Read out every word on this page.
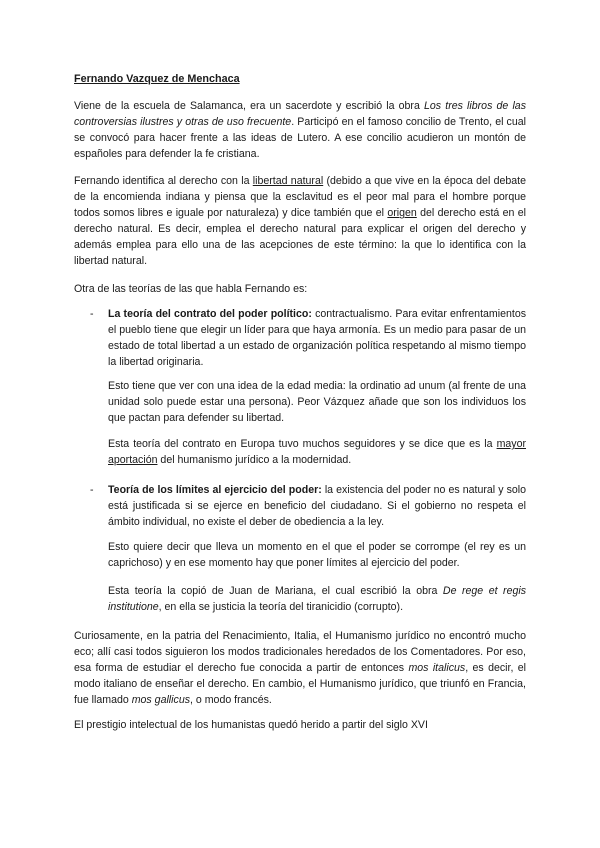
Fernando Vazquez de Menchaca

Viene de la escuela de Salamanca, era un sacerdote y escribió la obra Los tres libros de las controversias ilustres y otras de uso frecuente. Participó en el famoso concilio de Trento, el cual se convocó para hacer frente a las ideas de Lutero. A ese concilio acudieron un montón de españoles para defender la fe cristiana.

Fernando identifica al derecho con la libertad natural (debido a que vive en la época del debate de la encomienda indiana y piensa que la esclavitud es el peor mal para el hombre porque todos somos libres e iguale por naturaleza) y dice también que el origen del derecho está en el derecho natural. Es decir, emplea el derecho natural para explicar el origen del derecho y además emplea para ello una de las acepciones de este término: la que lo identifica con la libertad natural.

Otra de las teorías de las que habla Fernando es:

- La teoría del contrato del poder político: contractualismo. Para evitar enfrentamientos el pueblo tiene que elegir un líder para que haya armonía. Es un medio para pasar de un estado de total libertad a un estado de organización política respetando al mismo tiempo la libertad originaria.

Esto tiene que ver con una idea de la edad media: la ordinatio ad unum (al frente de una unidad solo puede estar una persona). Peor Vázquez añade que son los individuos los que pactan para defender su libertad.

Esta teoría del contrato en Europa tuvo muchos seguidores y se dice que es la mayor aportación del humanismo jurídico a la modernidad.

- Teoría de los límites al ejercicio del poder: la existencia del poder no es natural y solo está justificada si se ejerce en beneficio del ciudadano. Si el gobierno no respeta el ámbito individual, no existe el deber de obediencia a la ley.

Esto quiere decir que lleva un momento en el que el poder se corrompe (el rey es un caprichoso) y en ese momento hay que poner límites al ejercicio del poder.

Esta teoría la copió de Juan de Mariana, el cual escribió la obra De rege et regis institutione, en ella se justicia la teoría del tiranicidio (corrupto).

Curiosamente, en la patria del Renacimiento, Italia, el Humanismo jurídico no encontró mucho eco; allí casi todos siguieron los modos tradicionales heredados de los Comentadores. Por eso, esa forma de estudiar el derecho fue conocida a partir de entonces mos italicus, es decir, el modo italiano de enseñar el derecho. En cambio, el Humanismo jurídico, que triunfó en Francia, fue llamado mos gallicus, o modo francés.

El prestigio intelectual de los humanistas quedó herido a partir del siglo XVI
